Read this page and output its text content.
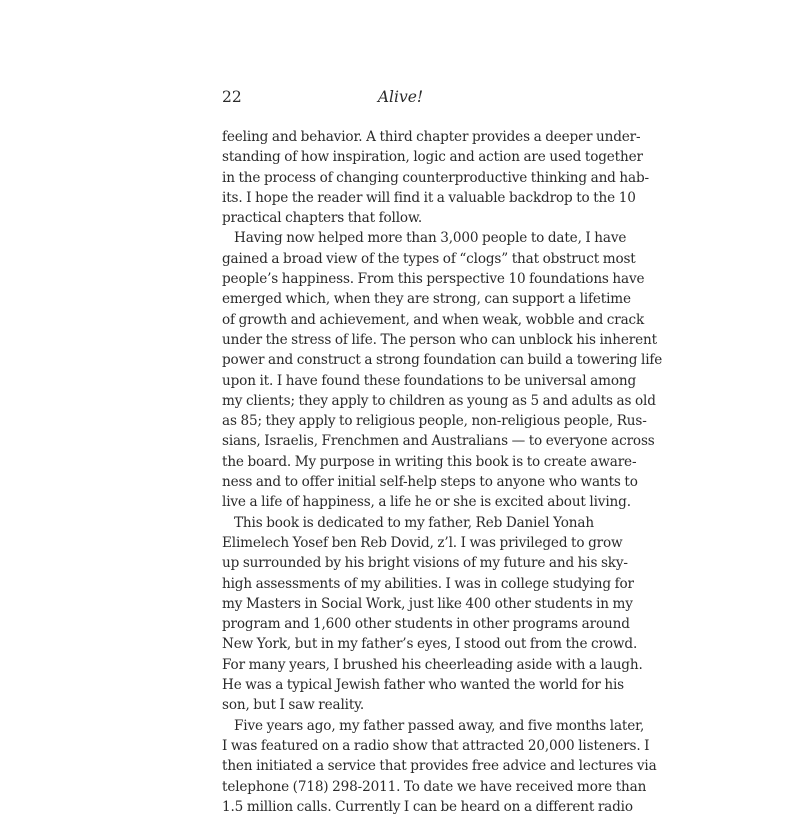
22	Alive!
feeling and behavior. A third chapter provides a deeper under-
standing of how inspiration, logic and action are used together
in the process of changing counterproductive thinking and hab-
its. I hope the reader will find it a valuable backdrop to the 10
practical chapters that follow.
Having now helped more than 3,000 people to date, I have
gained a broad view of the types of “clogs” that obstruct most
people’s happiness. From this perspective 10 foundations have
emerged which, when they are strong, can support a lifetime
of growth and achievement, and when weak, wobble and crack
under the stress of life. The person who can unblock his inherent
power and construct a strong foundation can build a towering life
upon it. I have found these foundations to be universal among
my clients; they apply to children as young as 5 and adults as old
as 85; they apply to religious people, non-religious people, Rus-
sians, Israelis, Frenchmen and Australians — to everyone across
the board. My purpose in writing this book is to create aware-
ness and to offer initial self-help steps to anyone who wants to
live a life of happiness, a life he or she is excited about living.
This book is dedicated to my father, Reb Daniel Yonah
Elimelech Yosef ben Reb Dovid, z’l. I was privileged to grow
up surrounded by his bright visions of my future and his sky-
high assessments of my abilities. I was in college studying for
my Masters in Social Work, just like 400 other students in my
program and 1,600 other students in other programs around
New York, but in my father’s eyes, I stood out from the crowd.
For many years, I brushed his cheerleading aside with a laugh.
He was a typical Jewish father who wanted the world for his
son, but I saw reality.
Five years ago, my father passed away, and five months later,
I was featured on a radio show that attracted 20,000 listeners. I
then initiated a service that provides free advice and lectures via
telephone (718) 298-2011. To date we have received more than
1.5 million calls. Currently I can be heard on a different radio
